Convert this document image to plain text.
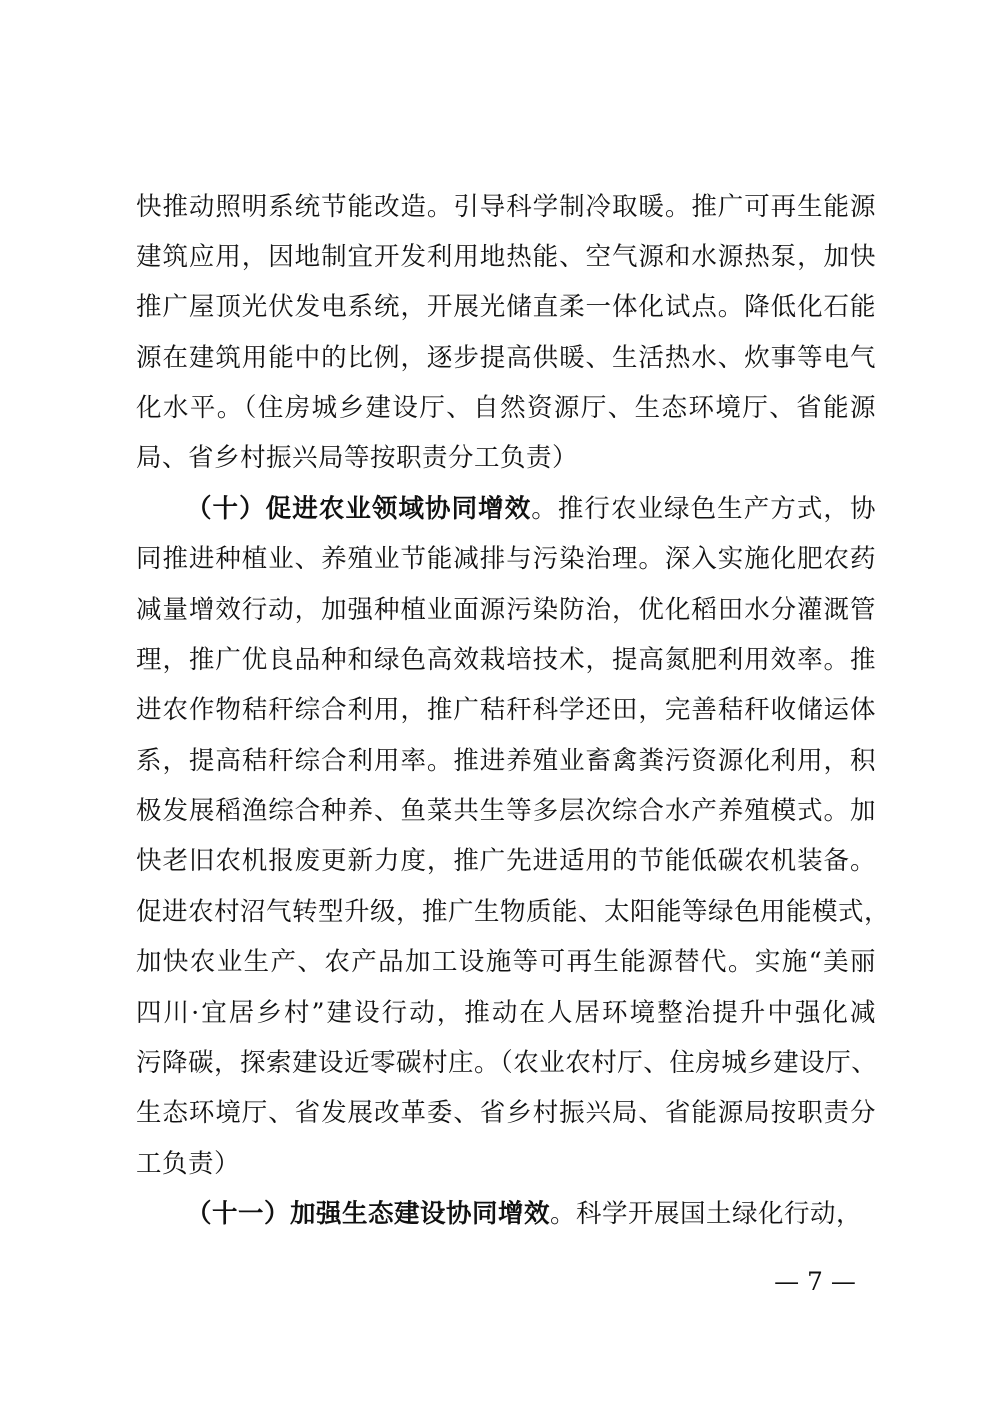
快推动照明系统节能改造。引导科学制冷取暖。推广可再生能源
建筑应用，因地制宜开发利用地热能、空气源和水源热泵，加快
推广屋顶光伏发电系统，开展光储直柔一体化试点。降低化石能
源在建筑用能中的比例，逐步提高供暖、生活热水、炊事等电气
化水平。（住房城乡建设厅、自然资源厅、生态环境厅、省能源
局、省乡村振兴局等按职责分工负责）
（十）促进农业领域协同增效。推行农业绿色生产方式，协
同推进种植业、养殖业节能减排与污染治理。深入实施化肥农药
减量增效行动，加强种植业面源污染防治，优化稻田水分灌溉管
理，推广优良品种和绿色高效栽培技术，提高氮肥利用效率。推
进农作物秸秆综合利用，推广秸秆科学还田，完善秸秆收储运体
系，提高秸秆综合利用率。推进养殖业畜禽粪污资源化利用，积
极发展稻渔综合种养、鱼菜共生等多层次综合水产养殖模式。加
快老旧农机报废更新力度，推广先进适用的节能低碳农机装备。
促进农村沼气转型升级，推广生物质能、太阳能等绿色用能模式，
加快农业生产、农产品加工设施等可再生能源替代。实施“美丽
四川·宜居乡村”建设行动，推动在人居环境整治提升中强化减
污降碳，探索建设近零碳村庄。（农业农村厅、住房城乡建设厅、
生态环境厅、省发展改革委、省乡村振兴局、省能源局按职责分
工负责）
（十一）加强生态建设协同增效。科学开展国土绿化行动，
— 7 —
